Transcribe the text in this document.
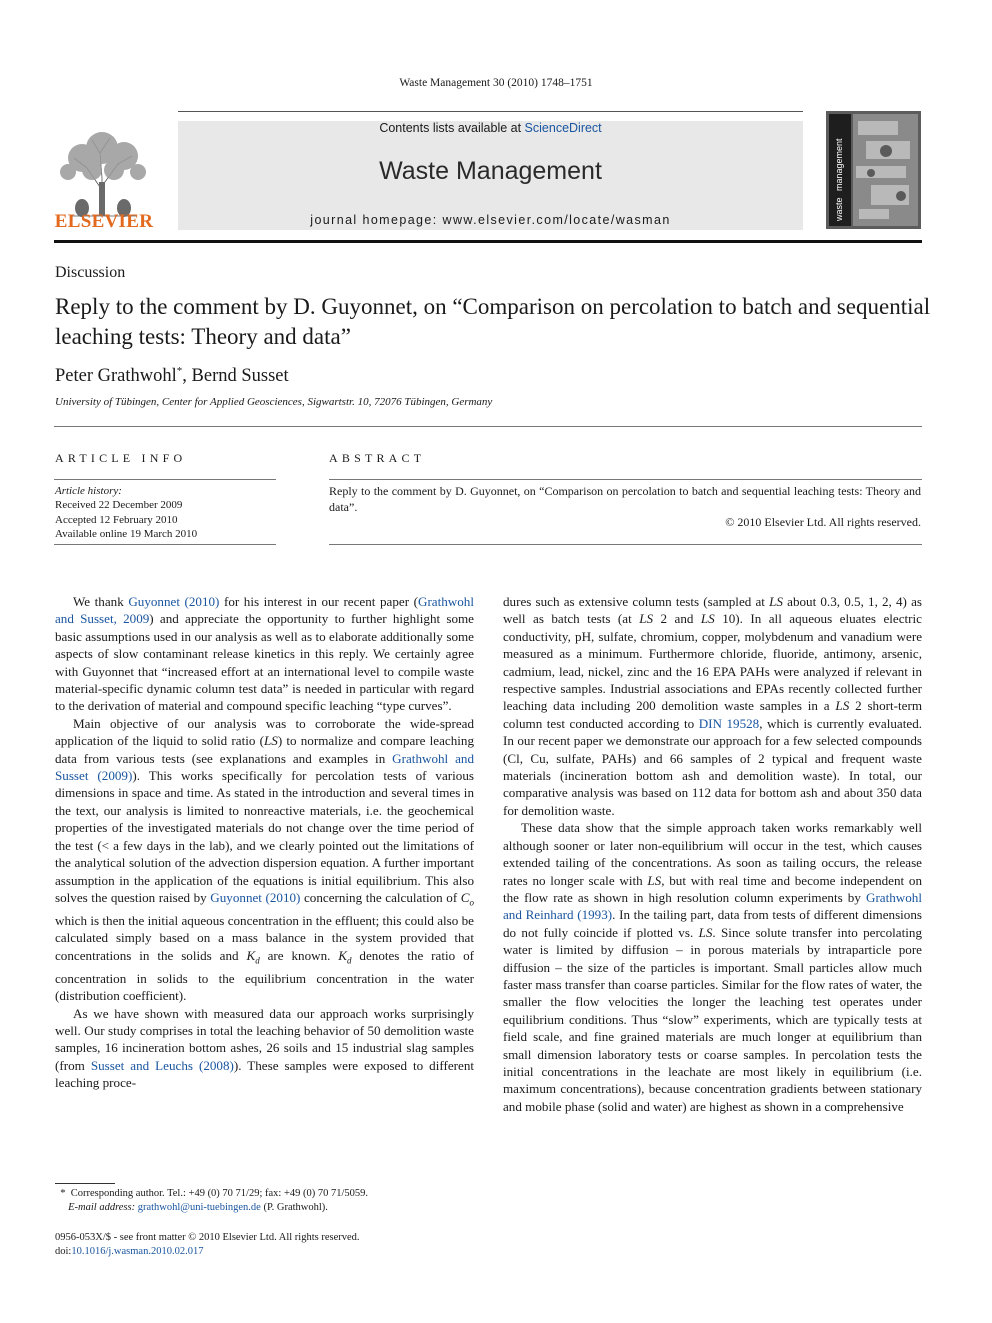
Waste Management 30 (2010) 1748–1751
ELSEVIER
Contents lists available at ScienceDirect
Waste Management
journal homepage: www.elsevier.com/locate/wasman	waste
management
Discussion
Reply to the comment by D. Guyonnet, on “Comparison on percolation to batch and sequential leaching tests: Theory and data”
Peter Grathwohl*, Bernd Susset
University of Tübingen, Center for Applied Geosciences, Sigwartstr. 10, 72076 Tübingen, Germany
ARTICLE INFO
Article history:
Received 22 December 2009
Accepted 12 February 2010
Available online 19 March 2010
ABSTRACT
Reply to the comment by D. Guyonnet, on “Comparison on percolation to batch and sequential leaching tests: Theory and data”.
© 2010 Elsevier Ltd. All rights reserved.

We thank Guyonnet (2010) for his interest in our recent paper (Grathwohl and Susset, 2009) and appreciate the opportunity to further highlight some basic assumptions used in our analysis as well as to elaborate additionally some aspects of slow contaminant release kinetics in this reply. We certainly agree with Guyonnet that “increased effort at an international level to compile waste material-specific dynamic column test data” is needed in particular with regard to the derivation of material and compound specific leaching “type curves”.

Main objective of our analysis was to corroborate the wide-spread application of the liquid to solid ratio (LS) to normalize and compare leaching data from various tests (see explanations and examples in Grathwohl and Susset (2009)). This works specifically for percolation tests of various dimensions in space and time. As stated in the introduction and several times in the text, our analysis is limited to nonreactive materials, i.e. the geochemical properties of the investigated materials do not change over the time period of the test (< a few days in the lab), and we clearly pointed out the limitations of the analytical solution of the advection dispersion equation. A further important assumption in the application of the equations is initial equilibrium. This also solves the question raised by Guyonnet (2010) concerning the calculation of $C_o$ which is then the initial aqueous concentration in the effluent; this could also be calculated simply based on a mass balance in the system provided that concentrations in the solids and $K_d$ are known. $K_d$ denotes the ratio of concentration in solids to the equilibrium concentration in the water (distribution coefficient).

As we have shown with measured data our approach works surprisingly well. Our study comprises in total the leaching behavior of 50 demolition waste samples, 16 incineration bottom ashes, 26 soils and 15 industrial slag samples (from Susset and Leuchs (2008)). These samples were exposed to different leaching proce-

dures such as extensive column tests (sampled at LS about 0.3, 0.5, 1, 2, 4) as well as batch tests (at LS 2 and LS 10). In all aqueous eluates electric conductivity, pH, sulfate, chromium, copper, molybdenum and vanadium were measured as a minimum. Furthermore chloride, fluoride, antimony, arsenic, cadmium, lead, nickel, zinc and the 16 EPA PAHs were analyzed if relevant in respective samples. Industrial associations and EPAs recently collected further leaching data including 200 demolition waste samples in a LS 2 short-term column test conducted according to DIN 19528, which is currently evaluated. In our recent paper we demonstrate our approach for a few selected compounds (Cl, Cu, sulfate, PAHs) and 66 samples of 2 typical and frequent waste materials (incineration bottom ash and demolition waste). In total, our comparative analysis was based on 112 data for bottom ash and about 350 data for demolition waste.

These data show that the simple approach taken works remarkably well although sooner or later non-equilibrium will occur in the test, which causes extended tailing of the concentrations. As soon as tailing occurs, the release rates no longer scale with LS, but with real time and become independent on the flow rate as shown in high resolution column experiments by Grathwohl and Reinhard (1993). In the tailing part, data from tests of different dimensions do not fully coincide if plotted vs. LS. Since solute transfer into percolating water is limited by diffusion – in porous materials by intraparticle pore diffusion – the size of the particles is important. Small particles allow much faster mass transfer than coarse particles. Similar for the flow rates of water, the smaller the flow velocities the longer the leaching test operates under equilibrium conditions. Thus “slow” experiments, which are typically tests at field scale, and fine grained materials are much longer at equilibrium than small dimension laboratory tests or coarse samples. In percolation tests the initial concentrations in the leachate are most likely in equilibrium (i.e. maximum concentrations), because concentration gradients between stationary and mobile phase (solid and water) are highest as shown in a comprehensive

* Corresponding author. Tel.: +49 (0) 70 71/29; fax: +49 (0) 70 71/5059.
E-mail address: grathwohl@uni-tuebingen.de (P. Grathwohl).
0956-053X/$ - see front matter © 2010 Elsevier Ltd. All rights reserved.
doi:10.1016/j.wasman.2010.02.017
